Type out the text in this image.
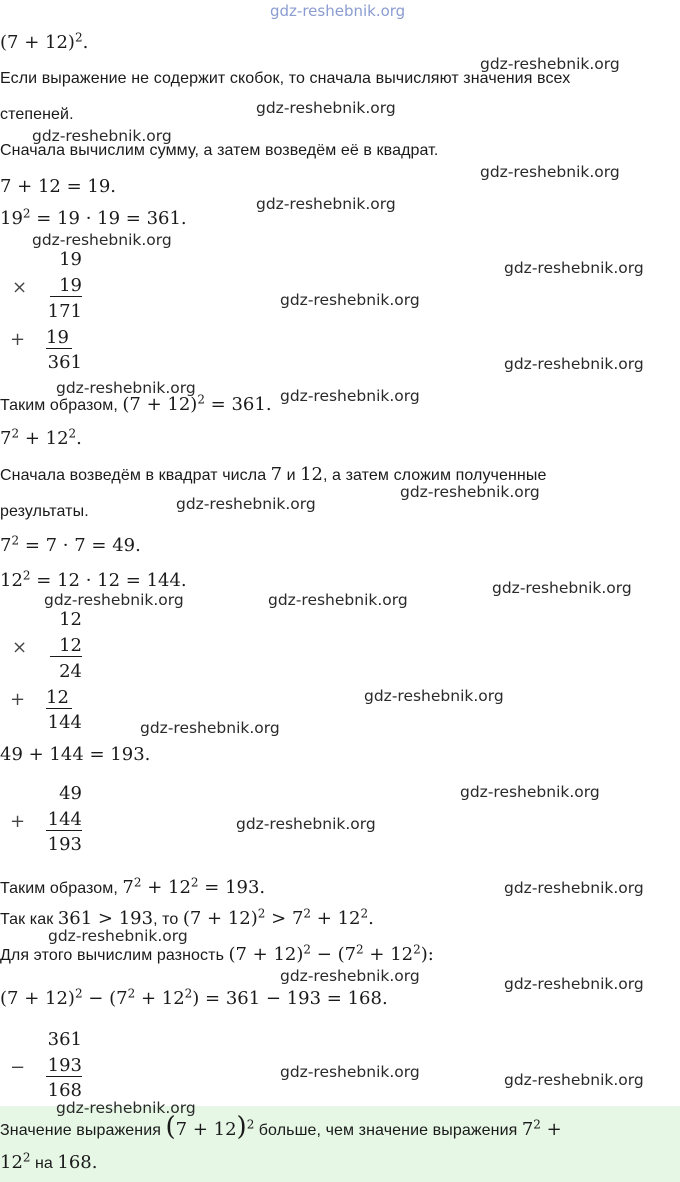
gdz-reshebnik.org
gdz-reshebnik.org
gdz-reshebnik.org
gdz-reshebnik.org
gdz-reshebnik.org
gdz-reshebnik.org
gdz-reshebnik.org
gdz-reshebnik.org
gdz-reshebnik.org
gdz-reshebnik.org
gdz-reshebnik.org	gdz-reshebnik.org
gdz-reshebnik.org
gdz-reshebnik.org
gdz-reshebnik.org
gdz-reshebnik.org	gdz-reshebnik.org
gdz-reshebnik.org
gdz-reshebnik.org
gdz-reshebnik.org
gdz-reshebnik.org
gdz-reshebnik.org
gdz-reshebnik.org
gdz-reshebnik.org	gdz-reshebnik.org
gdz-reshebnik.org	gdz-reshebnik.org
$(7 + 12)^2$.
Если выражение не содержит скобок, то сначала вычисляют значения всех
степеней.
Сначала вычислим сумму, а затем возведём её в квадрат.
7 + 12 = 19.
$19^2 = 19 \cdot 19 = 361$.
19
×	19
171
+ 19
361
Таким образом, $(7 + 12)^2 = 361$.
$7^2 + 12^2$.
Сначала возведём в квадрат числа 7 и 12, а затем сложим полученные
результаты.
$7^2 = 7 \cdot 7 = 49$.
$12^2 = 12 \cdot 12 = 144$.
12
×	12
24
+ 12
144
49 + 144 = 193.
49
+ 144
193
Таким образом, $7^2 + 12^2 = 193$.
Так как 361 > 193, то $(7 + 12)^2 > 7^2 + 12^2$.
Для этого вычислим разность $(7 + 12)^2 - (7^2 + 12^2)$:
$(7 + 12)^2 - (7^2 + 12^2) = 361 - 193 = 168$.
361
− 193
168
gdz-reshebnik.org
Значение выражения $(7 + 12)^2$ больше, чем значение выражения $7^2$ +
$12^2$ на 168.
